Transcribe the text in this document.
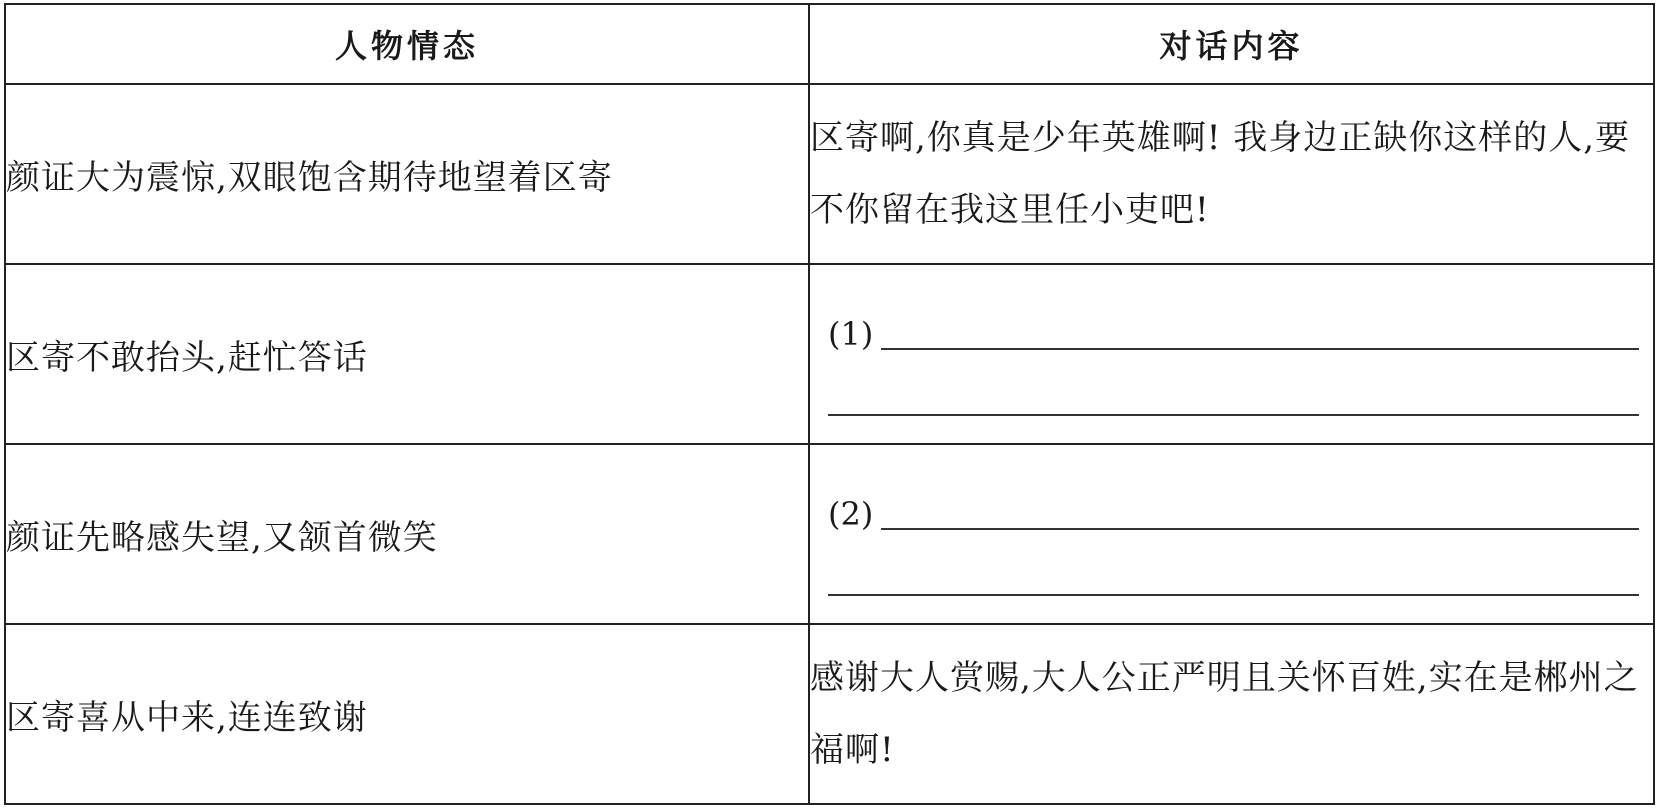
人物情态	对话内容
颜证大为震惊,双眼饱含期待地望着区寄	区寄啊,你真是少年英雄啊! 我身边正缺你这样的人,要不你留在我这里任小吏吧!
区寄不敢抬头,赶忙答话	(1)

颜证先略感失望,又颔首微笑	(2)

区寄喜从中来,连连致谢	感谢大人赏赐,大人公正严明且关怀百姓,实在是郴州之福啊!
